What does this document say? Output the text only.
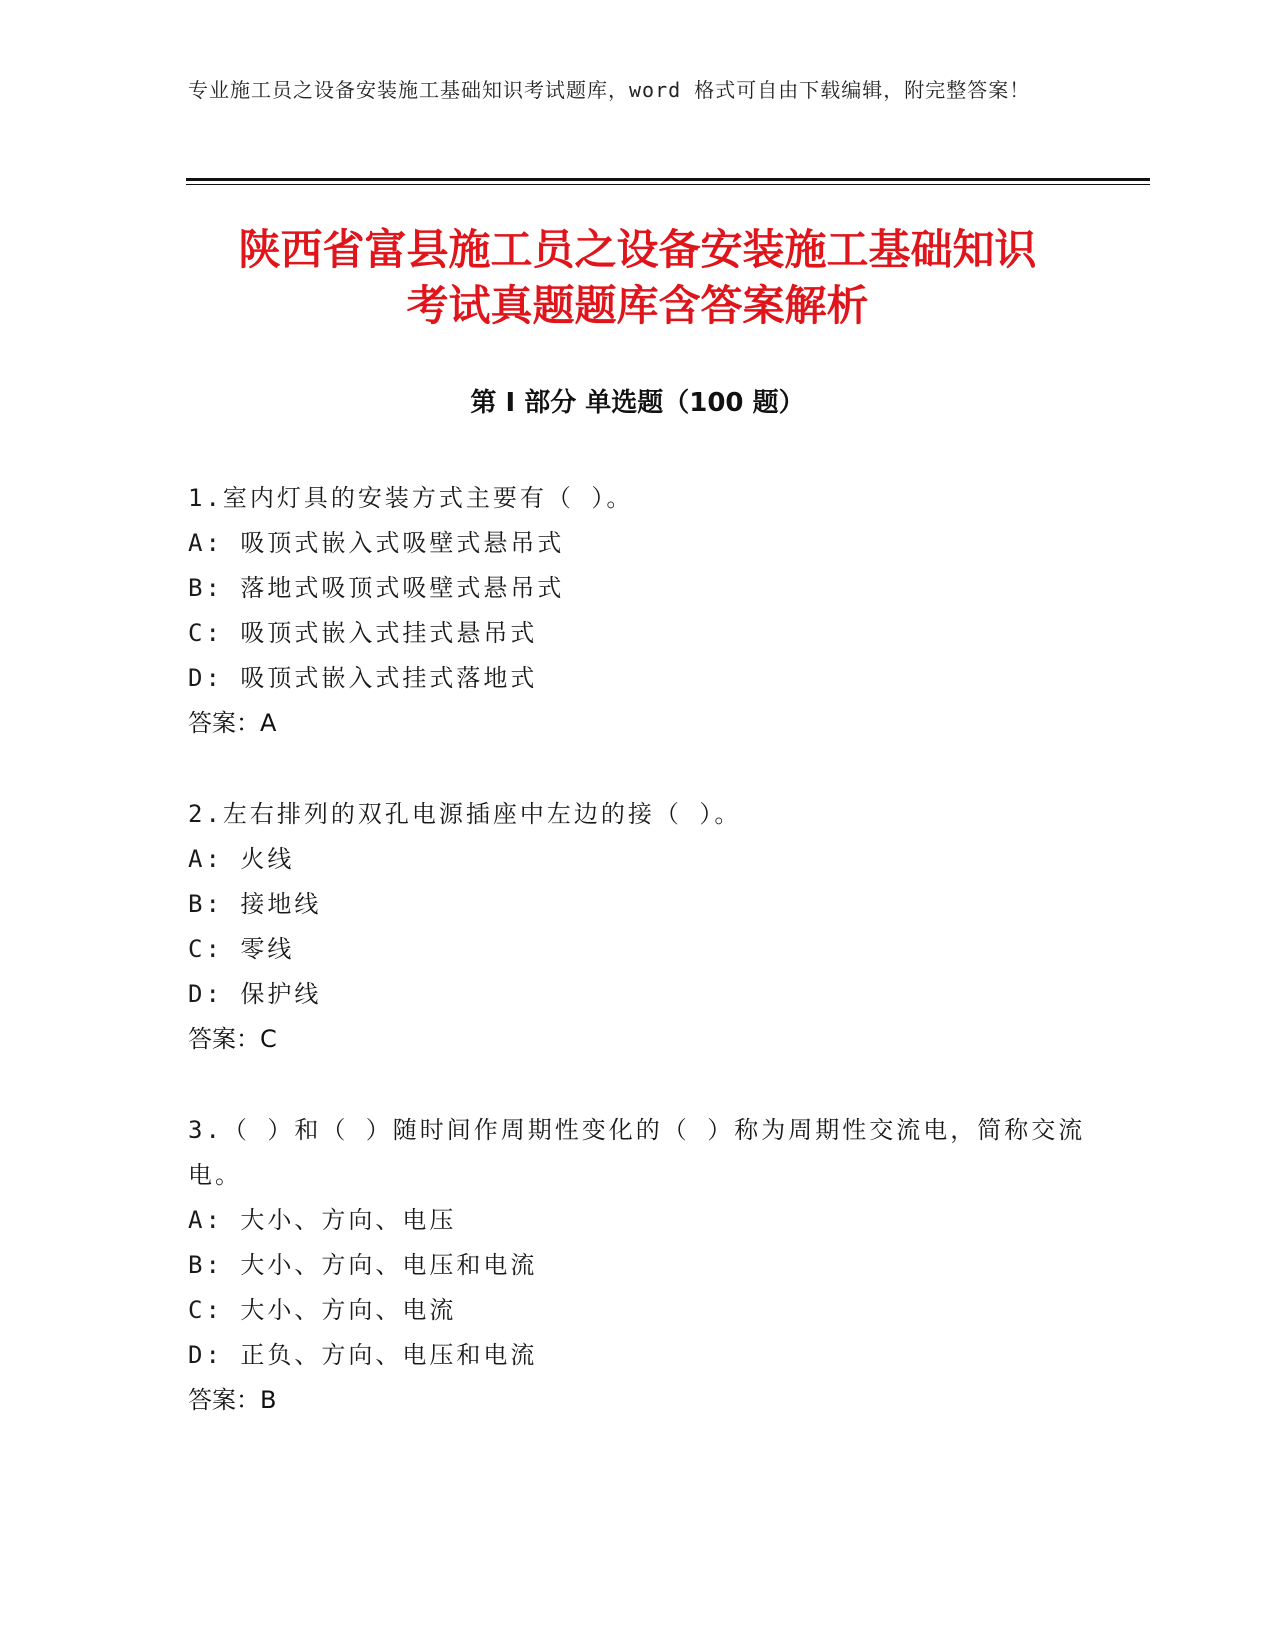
专业施工员之设备安装施工基础知识考试题库，word 格式可自由下载编辑，附完整答案！
陕西省富县施工员之设备安装施工基础知识
考试真题题库含答案解析
第 I 部分 单选题（100 题）

1.室内灯具的安装方式主要有（ ）。

A: 吸顶式嵌入式吸壁式悬吊式

B: 落地式吸顶式吸壁式悬吊式

C: 吸顶式嵌入式挂式悬吊式

D: 吸顶式嵌入式挂式落地式

答案：A

2.左右排列的双孔电源插座中左边的接（ ）。

A: 火线

B: 接地线

C: 零线

D: 保护线

答案：C

3.（ ）和（ ）随时间作周期性变化的（ ）称为周期性交流电，简称交流电。

A: 大小、方向、电压

B: 大小、方向、电压和电流

C: 大小、方向、电流

D: 正负、方向、电压和电流

答案：B
